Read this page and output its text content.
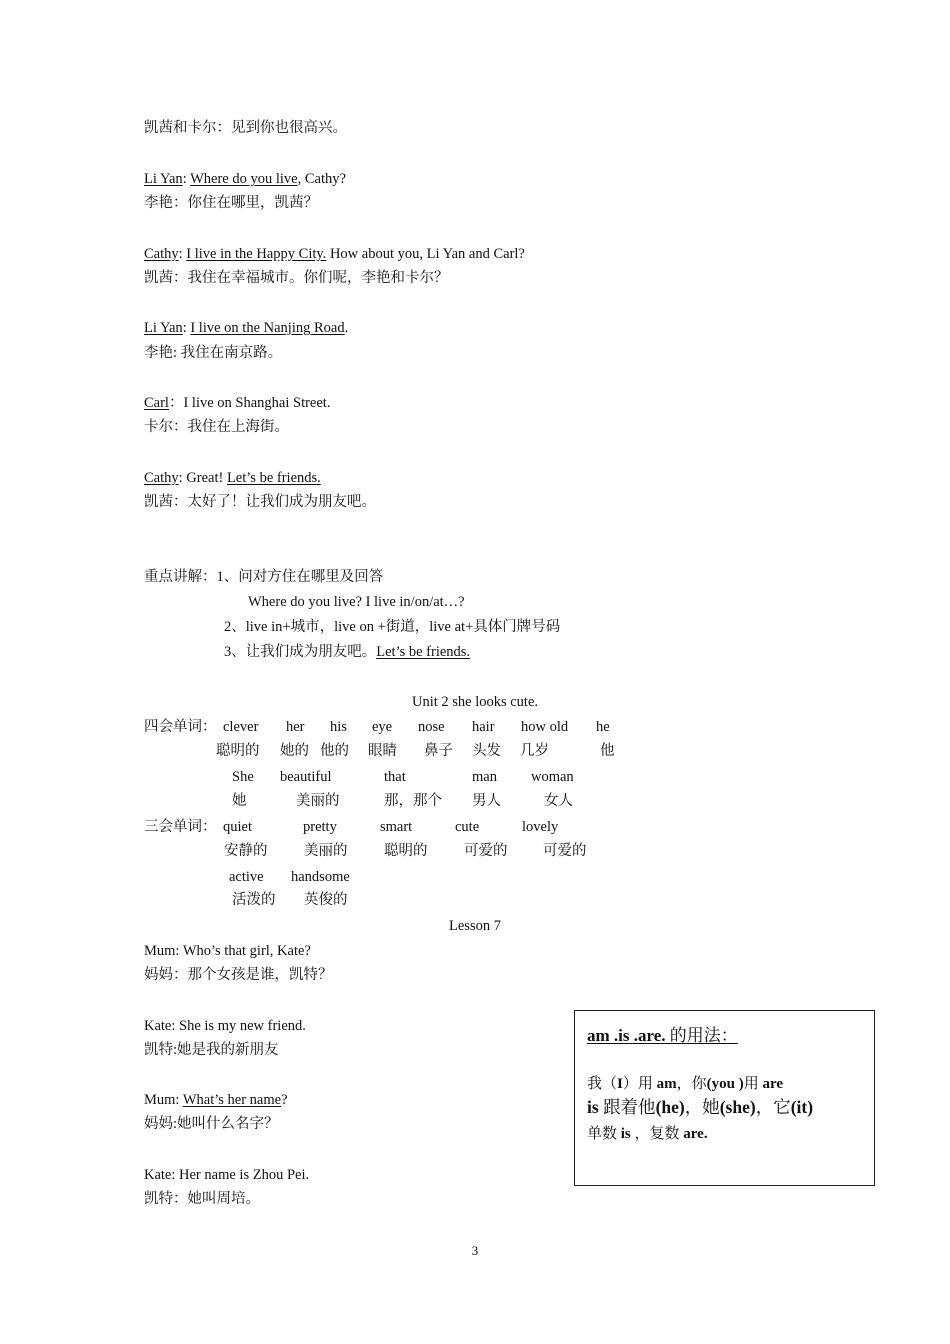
凯茜和卡尔：见到你也很高兴。
Li Yan: Where do you live, Cathy?
李艳：你住在哪里，凯茜？
Cathy: I live in the Happy City. How about you, Li Yan and Carl?
凯茜：我住在幸福城市。你们呢，李艳和卡尔？
Li Yan: I live on the Nanjing Road.
李艳: 我住在南京路。
Carl：I live on Shanghai Street.
卡尔：我住在上海街。
Cathy: Great! Let’s be friends.
凯茜：太好了！让我们成为朋友吧。
重点讲解：1、问对方住在哪里及回答
Where do you live? I live in/on/at…?
2、live in+城市，live on +街道，live at+具体门牌号码
3、让我们成为朋友吧。Let’s be friends.
Unit 2 she looks cute.
四会单词： clever her his eye nose hair how old he
聪明的 她的 他的 眼睛 鼻子 头发 几岁	他
She beautiful	that	man woman
她	美丽的	那，那个 男人	女人
三会单词： quiet	pretty	smart	cute	lovely
安静的	美丽的	聪明的	可爱的 可爱的
active handsome
活泼的 英俊的
Lesson 7
Mum: Who’s that girl, Kate?
妈妈：那个女孩是谁，凯特？
Kate: She is my new friend.
凯特:她是我的新朋友
Mum: What’s her name?
妈妈:她叫什么名字？
Kate: Her name is Zhou Pei.
凯特：她叫周培。
am .is .are. 的用法：
我（I）用 am，你(you )用 are
is 跟着他(he)，她(she)，它(it)
单数 is ，复数 are.
3
